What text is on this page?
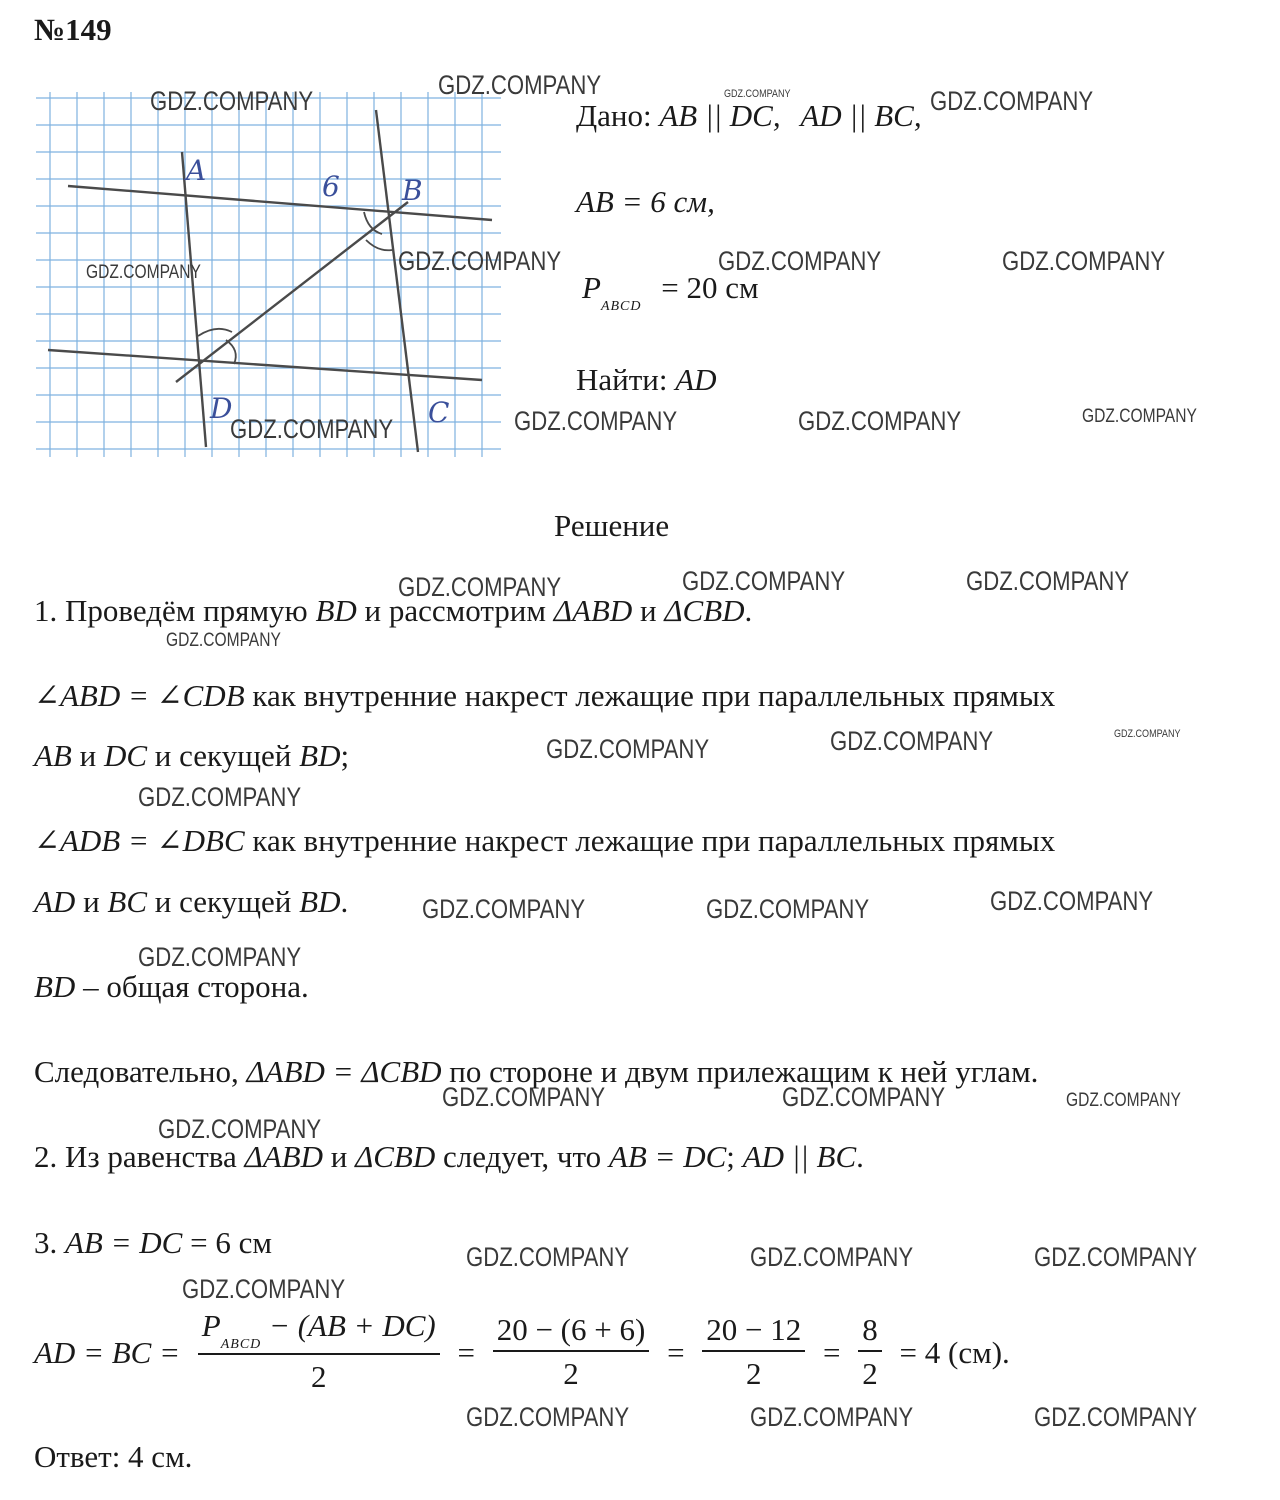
№149
A
B
C
D
6
Дано: AB || DC, AD || BC,
AB = 6 см,
$P_{ABCD} = 20$ см
Найти: AD
Решение
1. Проведём прямую BD и рассмотрим ΔABD и ΔCBD.
∠ABD = ∠CDB как внутренние накрест лежащие при параллельных прямых
AB и DC и секущей BD;
∠ADB = ∠DBC как внутренние накрест лежащие при параллельных прямых
AD и BC и секущей BD.
BD – общая сторона.
Следовательно, ΔABD = ΔCBD по стороне и двум прилежащим к ней углам.
2. Из равенства ΔABD и ΔCBD следует, что AB = DC; AD || BC.
3. AB = DC = 6 см
AD = BC = $\frac{P_{ABCD} - (AB + DC)}{2} = \frac{20 - (6 + 6)}{2} = \frac{20 - 12}{2} = \frac{8}{2} = 4$ (см).
Ответ: 4 см.
GDZ.COMPANY
GDZ.COMPANY	GDZ.COMPANY	GDZ.COMPANY
GDZ.COMPANY	GDZ.COMPANY	GDZ.COMPANY	GDZ.COMPANY
GDZ.COMPANY	GDZ.COMPANY	GDZ.COMPANY	GDZ.COMPANY
GDZ.COMPANY	GDZ.COMPANY	GDZ.COMPANY
GDZ.COMPANY
GDZ.COMPANY	GDZ.COMPANY	GDZ.COMPANY
GDZ.COMPANY
GDZ.COMPANY	GDZ.COMPANY	GDZ.COMPANY
GDZ.COMPANY
GDZ.COMPANY	GDZ.COMPANY	GDZ.COMPANY
GDZ.COMPANY
GDZ.COMPANY	GDZ.COMPANY	GDZ.COMPANY
GDZ.COMPANY
GDZ.COMPANY	GDZ.COMPANY	GDZ.COMPANY
